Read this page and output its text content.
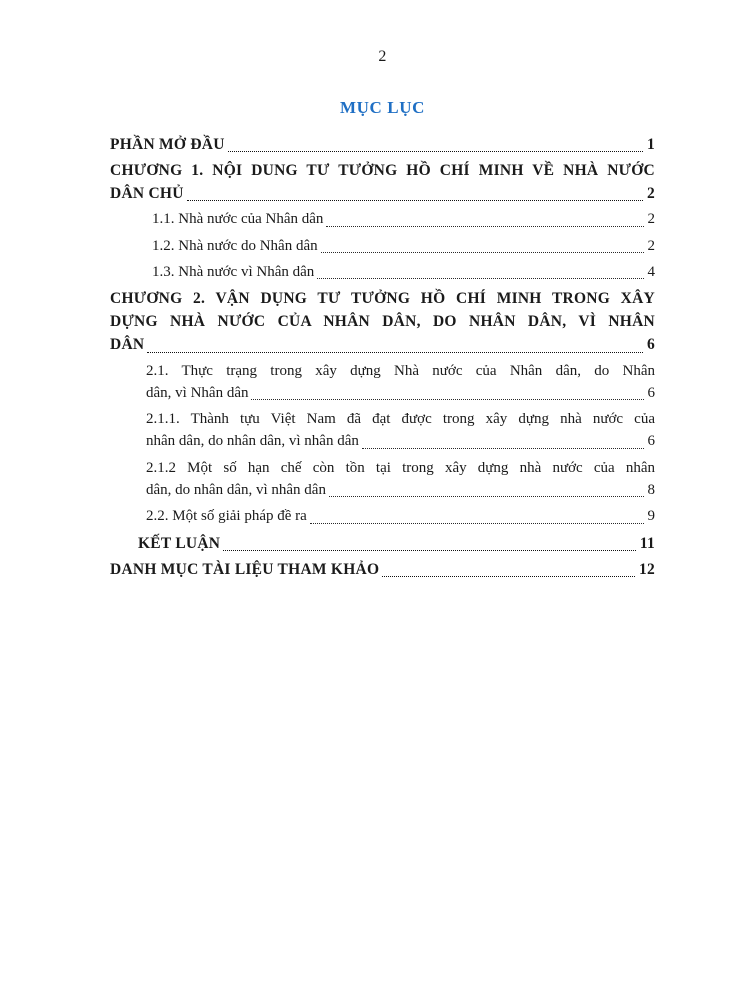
2
MỤC LỤC
PHẦN MỞ ĐẦU	1
CHƯƠNG 1. NỘI DUNG TƯ TƯỞNG HỒ CHÍ MINH VỀ NHÀ NƯỚC
DÂN CHỦ	2
1.1. Nhà nước của Nhân dân	2
1.2. Nhà nước do Nhân dân	2
1.3. Nhà nước vì Nhân dân	4
CHƯƠNG 2. VẬN DỤNG TƯ TƯỞNG HỒ CHÍ MINH TRONG XÂY
DỰNG NHÀ NƯỚC CỦA NHÂN DÂN, DO NHÂN DÂN, VÌ NHÂN
DÂN	6
2.1. Thực trạng trong xây dựng Nhà nước của Nhân dân, do Nhân
dân, vì Nhân dân	6
2.1.1. Thành tựu Việt Nam đã đạt được trong xây dựng nhà nước của
nhân dân, do nhân dân, vì nhân dân	6
2.1.2 Một số hạn chế còn tồn tại trong xây dựng nhà nước của nhân
dân, do nhân dân, vì nhân dân	8
2.2. Một số giải pháp đề ra	9
KẾT LUẬN	11
DANH MỤC TÀI LIỆU THAM KHẢO	12
